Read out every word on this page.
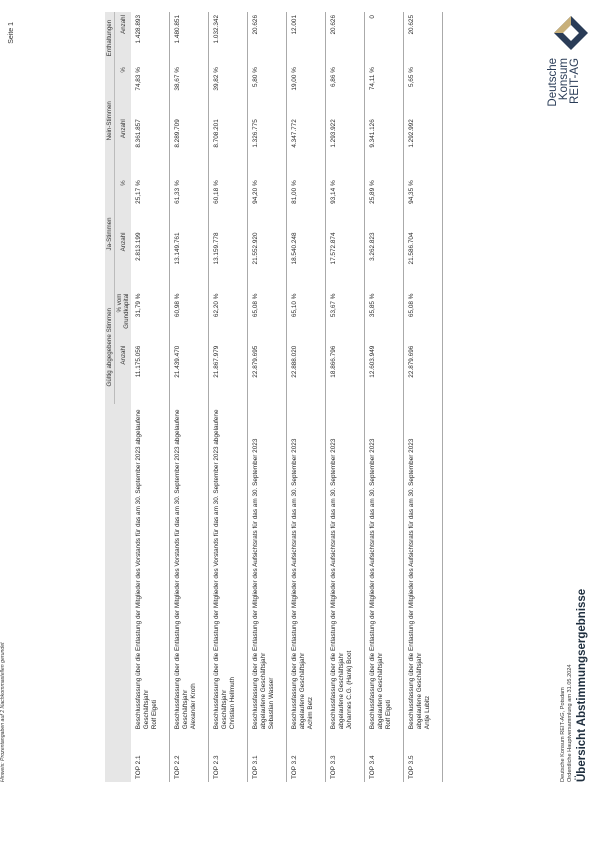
Deutsche Konsum REIT-AG, Potsdam Ordentliche Hauptversammlung am 31.05.2024 Übersicht Abstimmungsergebnisse
Deutsche Konsum REIT-AG
		Gültig abgegebene Stimmen		Ja-Stimmen		Nein-Stimmen		Enthaltungen
		Anzahl	% vom Grundkapital	Anzahl	%	Anzahl	%	Anzahl
TOP 2.1	Beschlussfassung über die Entlastung der Mitglieder des Vorstands für das am 30. September 2023 abgelaufene Geschäftsjahr Rolf Elgeti	11.175.056	31,79 %	2.813.199	25,17 %	8.361.857	74,83 %	1.428.893
TOP 2.2	Beschlussfassung über die Entlastung der Mitglieder des Vorstands für das am 30. September 2023 abgelaufene Geschäftsjahr Alexander Kroth	21.439.470	60,98 %	13.149.761	61,33 %	8.289.709	38,67 %	1.480.851
TOP 2.3	Beschlussfassung über die Entlastung der Mitglieder des Vorstands für das am 30. September 2023 abgelaufene Geschäftsjahr Christian Hellmuth	21.867.979	62,20 %	13.159.778	60,18 %	8.708.201	39,82 %	1.032.342
TOP 3.1	Beschlussfassung über die Entlastung der Mitglieder des Aufsichtsrats für das am 30. September 2023 abgelaufene Geschäftsjahr Sebastian Wasser	22.879.695	65,08 %	21.552.920	94,20 %	1.326.775	5,80 %	20.626
TOP 3.2	Beschlussfassung über die Entlastung der Mitglieder des Aufsichtsrats für das am 30. September 2023 abgelaufene Geschäftsjahr Achim Betz	22.888.020	65,10 %	18.540.248	81,00 %	4.347.772	19,00 %	12.001
TOP 3.3	Beschlussfassung über die Entlastung der Mitglieder des Aufsichtsrats für das am 30. September 2023 abgelaufene Geschäftsjahr Johannes C.G. (Hank) Boot	18.866.796	53,67 %	17.572.874	93,14 %	1.293.922	6,86 %	20.626
TOP 3.4	Beschlussfassung über die Entlastung der Mitglieder des Aufsichtsrats für das am 30. September 2023 abgelaufene Geschäftsjahr Rolf Elgeti	12.603.949	35,85 %	3.262.823	25,89 %	9.341.126	74,11 %	0
TOP 3.5	Beschlussfassung über die Entlastung der Mitglieder des Aufsichtsrats für das am 30. September 2023 abgelaufene Geschäftsjahr Antje Lubitz	22.879.696	65,08 %	21.586.704	94,35 %	1.292.992	5,65 %	20.625
Hinweis: Prozentangaben auf 2 Nachkommastellen gerundet
Seite 1
